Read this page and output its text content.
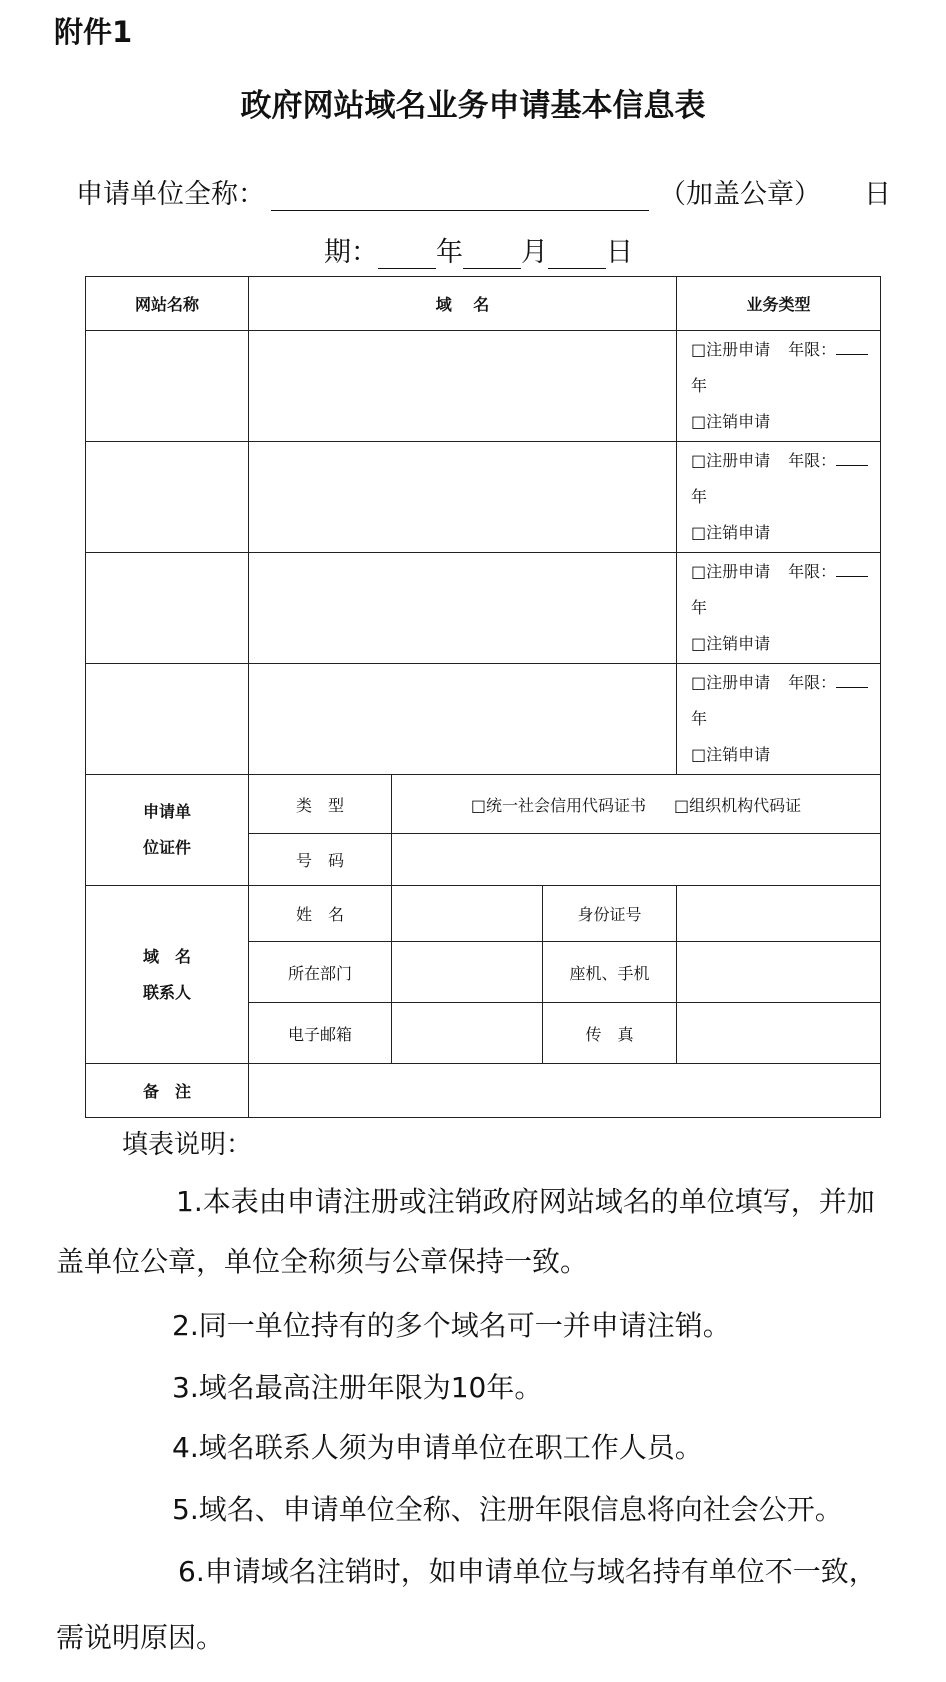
附件1
政府网站域名业务申请基本信息表
申请单位全称：	（加盖公章） 日
期： 年 月 日
网站名称	域　 名			业务类型

				□注册申请 年限：年
□注销申请

				□注册申请 年限：年
□注销申请

				□注册申请 年限：年
□注销申请

				□注册申请 年限：年
□注销申请

申请单
位证件	类　型	□统一社会信用代码证书 □组织机构代码证		
	号　码			

域　名
联系人	姓　名		身份证号	
	所在部门		座机、手机	
	电子邮箱		传　真	
备　注				
填表说明：
1.本表由申请注册或注销政府网站域名的单位填写，并加
盖单位公章，单位全称须与公章保持一致。
2.同一单位持有的多个域名可一并申请注销。
3.域名最高注册年限为10年。
4.域名联系人须为申请单位在职工作人员。
5.域名、申请单位全称、注册年限信息将向社会公开。
6.申请域名注销时，如申请单位与域名持有单位不一致，
需说明原因。
